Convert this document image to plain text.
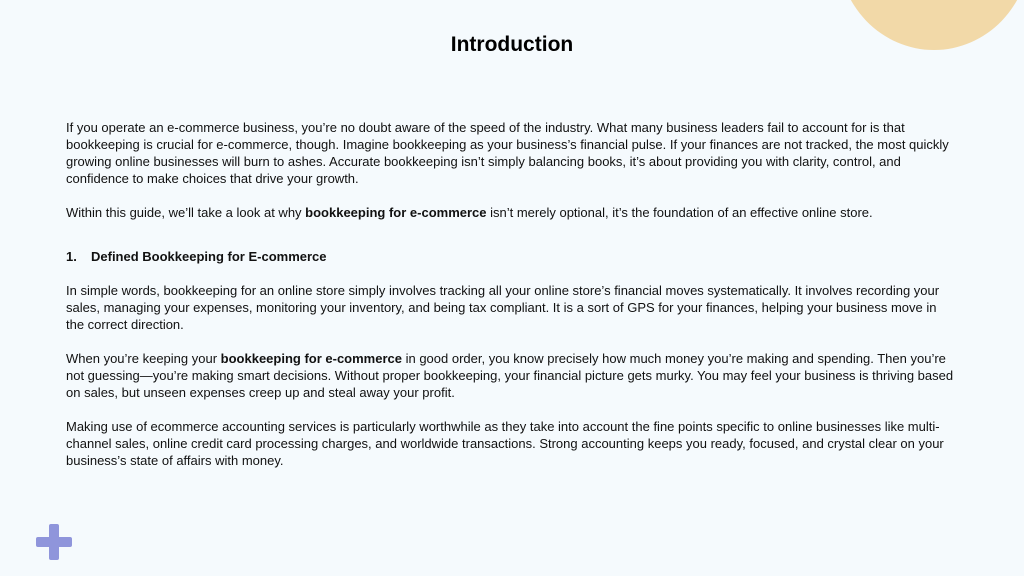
Introduction

If you operate an e-commerce business, you’re no doubt aware of the speed of the industry. What many business leaders fail to account for is that bookkeeping is crucial for e-commerce, though. Imagine bookkeeping as your business’s financial pulse. If your finances are not tracked, the most quickly growing online businesses will burn to ashes. Accurate bookkeeping isn’t simply balancing books, it’s about providing you with clarity, control, and confidence to make choices that drive your growth.

Within this guide, we’ll take a look at why bookkeeping for e-commerce isn’t merely optional, it’s the foundation of an effective online store.

1. Defined Bookkeeping for E-commerce

In simple words, bookkeeping for an online store simply involves tracking all your online store’s financial moves systematically. It involves recording your sales, managing your expenses, monitoring your inventory, and being tax compliant. It is a sort of GPS for your finances, helping your business move in the correct direction.

When you’re keeping your bookkeeping for e-commerce in good order, you know precisely how much money you’re making and spending. Then you’re not guessing—you’re making smart decisions. Without proper bookkeeping, your financial picture gets murky. You may feel your business is thriving based on sales, but unseen expenses creep up and steal away your profit.

Making use of ecommerce accounting services is particularly worthwhile as they take into account the fine points specific to online businesses like multi-channel sales, online credit card processing charges, and worldwide transactions. Strong accounting keeps you ready, focused, and crystal clear on your business’s state of affairs with money.
